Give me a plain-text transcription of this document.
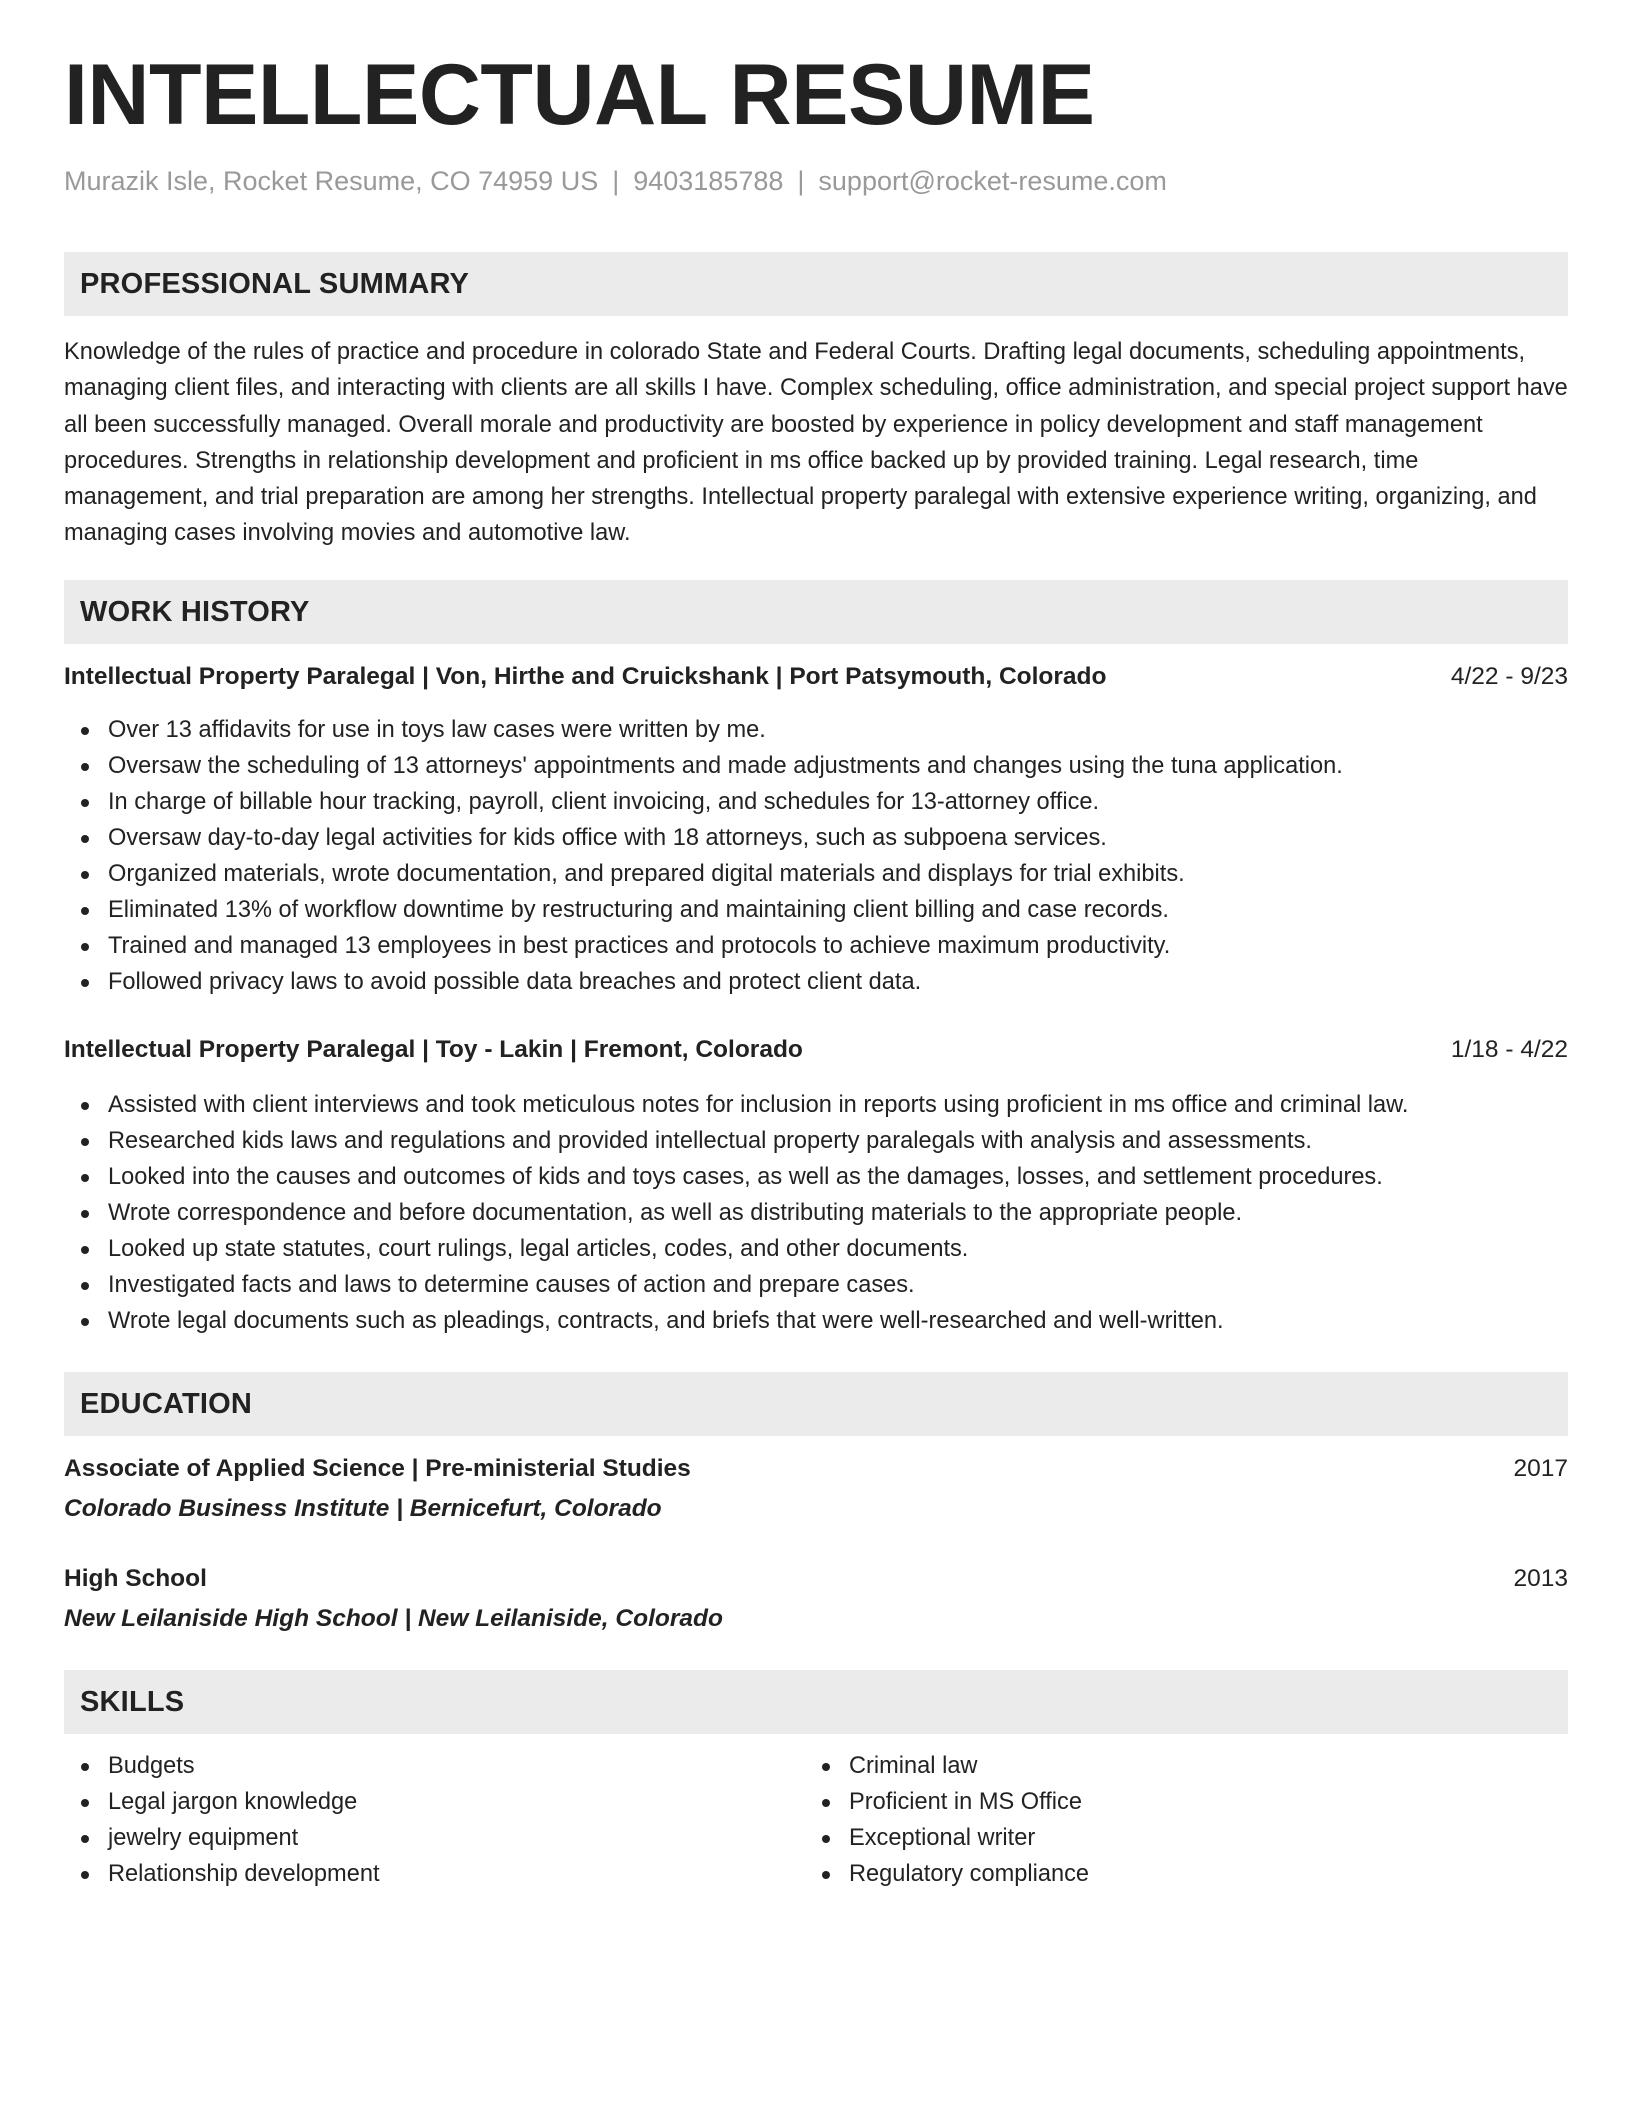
INTELLECTUAL RESUME
Murazik Isle, Rocket Resume, CO 74959 US | 9403185788 | support@rocket-resume.com
PROFESSIONAL SUMMARY

Knowledge of the rules of practice and procedure in colorado State and Federal Courts. Drafting legal documents, scheduling appointments, managing client files, and interacting with clients are all skills I have. Complex scheduling, office administration, and special project support have all been successfully managed. Overall morale and productivity are boosted by experience in policy development and staff management procedures. Strengths in relationship development and proficient in ms office backed up by provided training. Legal research, time management, and trial preparation are among her strengths. Intellectual property paralegal with extensive experience writing, organizing, and managing cases involving movies and automotive law.

WORK HISTORY
Intellectual Property Paralegal | Von, Hirthe and Cruickshank | Port Patsymouth, Colorado	4/22 - 9/23
Over 13 affidavits for use in toys law cases were written by me.
Oversaw the scheduling of 13 attorneys' appointments and made adjustments and changes using the tuna application.
In charge of billable hour tracking, payroll, client invoicing, and schedules for 13-attorney office.
Oversaw day-to-day legal activities for kids office with 18 attorneys, such as subpoena services.
Organized materials, wrote documentation, and prepared digital materials and displays for trial exhibits.
Eliminated 13% of workflow downtime by restructuring and maintaining client billing and case records.
Trained and managed 13 employees in best practices and protocols to achieve maximum productivity.
Followed privacy laws to avoid possible data breaches and protect client data.
Intellectual Property Paralegal | Toy - Lakin | Fremont, Colorado	1/18 - 4/22
Assisted with client interviews and took meticulous notes for inclusion in reports using proficient in ms office and criminal law.
Researched kids laws and regulations and provided intellectual property paralegals with analysis and assessments.
Looked into the causes and outcomes of kids and toys cases, as well as the damages, losses, and settlement procedures.
Wrote correspondence and before documentation, as well as distributing materials to the appropriate people.
Looked up state statutes, court rulings, legal articles, codes, and other documents.
Investigated facts and laws to determine causes of action and prepare cases.
Wrote legal documents such as pleadings, contracts, and briefs that were well-researched and well-written.
EDUCATION
Associate of Applied Science | Pre-ministerial Studies	2017
Colorado Business Institute | Bernicefurt, Colorado
High School	2013
New Leilaniside High School | New Leilaniside, Colorado
SKILLS
Budgets
Legal jargon knowledge
jewelry equipment
Relationship development
Criminal law
Proficient in MS Office
Exceptional writer
Regulatory compliance
